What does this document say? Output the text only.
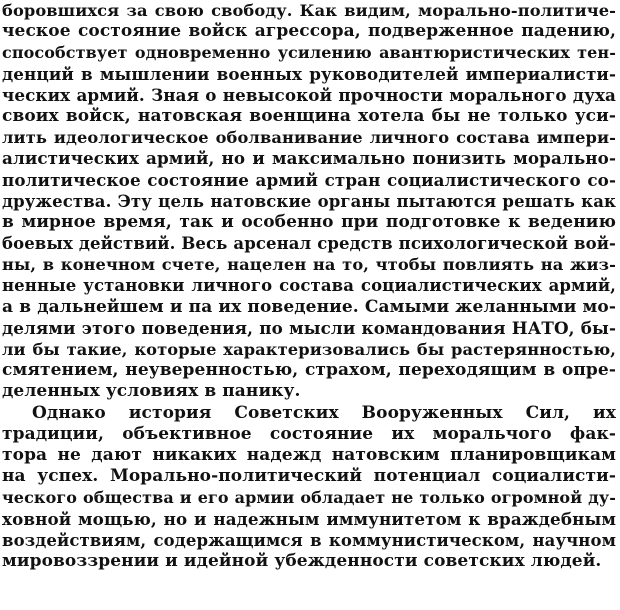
боровшихся за свою свободу. Как видим, морально-политиче-
ческое состояние войск агрессора, подверженное падению,
способствует одновременно усилению авантюристических тен-
денций в мышлении военных руководителей империалисти-
ческих армий. Зная о невысокой прочности морального духа
своих войск, натовская военщина хотела бы не только уси-
лить идеологическое оболванивание личного состава импери-
алистических армий, но и максимально понизить морально-
политическое состояние армий стран социалистического со-
дружества. Эту цель натовские органы пытаются решать как
в мирное время, так и особенно при подготовке к ведению
боевых действий. Весь арсенал средств психологической вой-
ны, в конечном счете, нацелен на то, чтобы повлиять на жиз-
ненные установки личного состава социалистических армий,
а в дальнейшем и па их поведение. Самыми желанными мо-
делями этого поведения, по мысли командования НАТО, бы-
ли бы такие, которые характеризовались бы растерянностью,
смятением, неуверенностью, страхом, переходящим в опре-
деленных условиях в панику.
Однако история Советских Вооруженных Сил, их
традиции, объективное состояние их моральчого фак-
тора не дают никаких надежд натовским планировщикам
на успех. Морально-политический потенциал социалисти-
ческого общества и его армии обладает не только огромной ду-
ховной мощью, но и надежным иммунитетом к враждебным
воздействиям, содержащимся в коммунистическом, научном
мировоззрении и идейной убежденности советских людей.
